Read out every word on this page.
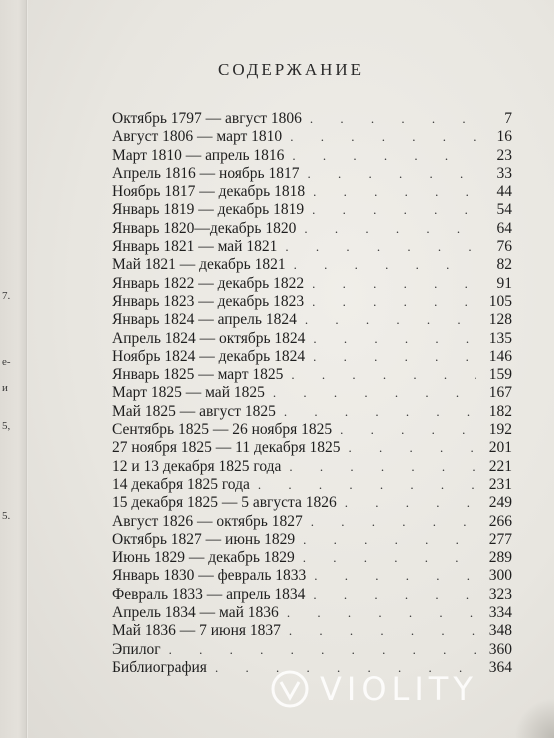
7.
е-
и
5,
5.
СОДЕРЖАНИЕ
Октябрь 1797 — август 1806 . . .	7
Август 1806 — март 1810 . . .	16
Март 1810 — апрель 1816 . . .	23
Апрель 1816 — ноябрь 1817 . . .	33
Ноябрь 1817 — декабрь 1818 . . .	44
Январь 1819 — декабрь 1819 . . .	54
Январь 1820—декабрь 1820 . . .	64
Январь 1821 — май 1821 . . .	76
Май 1821 — декабрь 1821 . . .	82
Январь 1822 — декабрь 1822 . . .	91
Январь 1823 — декабрь 1823 . . .	105
Январь 1824 — апрель 1824 . . .	128
Апрель 1824 — октябрь 1824 . . .	135
Ноябрь 1824 — декабрь 1824 . . .	146
Январь 1825 — март 1825 . . .	159
Март 1825 — май 1825 . . .	167
Май 1825 — август 1825 . . .	182
Сентябрь 1825 — 26 ноября 1825 . . .	192
27 ноября 1825 — 11 декабря 1825 . . .	201
12 и 13 декабря 1825 года . . .	221
14 декабря 1825 года . . .	231
15 декабря 1825 — 5 августа 1826 . . .	249
Август 1826 — октябрь 1827 . . .	266
Октябрь 1827 — июнь 1829 . . .	277
Июнь 1829 — декабрь 1829 . . .	289
Январь 1830 — февраль 1833 . . .	300
Февраль 1833 — апрель 1834 . . .	323
Апрель 1834 — май 1836 . . .	334
Май 1836 — 7 июня 1837 . . .	348
Эпилог . . .	360
Библиография . . .	364
VIOLITY
